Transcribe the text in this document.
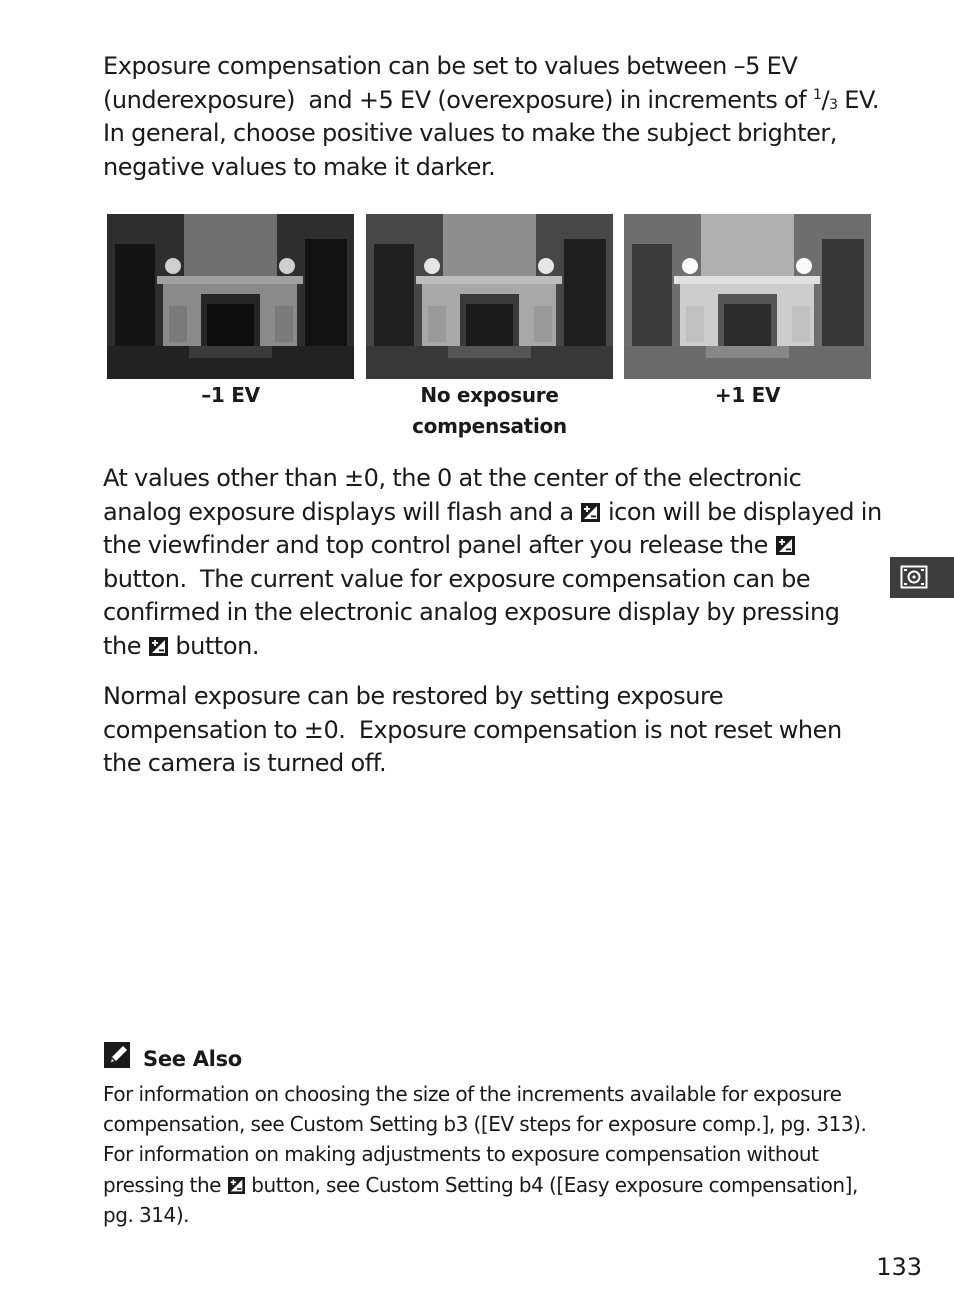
Exposure compensation can be set to values between –5 EV (underexposure)  and +5 EV (overexposure) in increments of $^1/_3$ EV. In general, choose positive values to make the subject brighter, negative values to make it darker.

–1 EV	No exposure compensation
+1 EV

At values other than ±0, the 0 at the center of the electronic analog exposure displays will flash and a
icon will be displayed in the viewfinder and top control panel after you release the
button.  The current value for exposure compensation can be confirmed in the electronic analog exposure display by pressing the
button.

Normal exposure can be restored by setting exposure compensation to ±0.  Exposure compensation is not reset when the camera is turned off.

See Also

For information on choosing the size of the increments available for exposure compensation, see Custom Setting b3 ([EV steps for exposure comp.], pg. 313).  For information on making adjustments to exposure compensation without pressing the
button, see Custom Setting b4 ([Easy exposure compensation], pg. 314).

133
